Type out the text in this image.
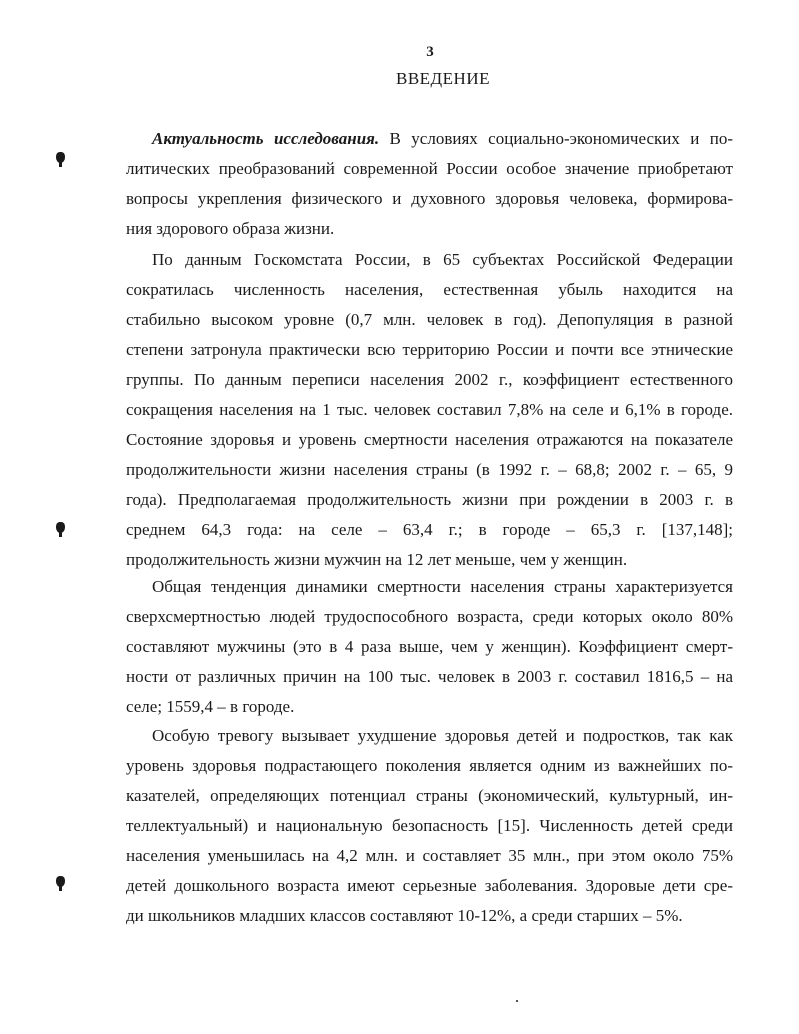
3
ВВЕДЕНИЕ
Актуальность исследования. В условиях социально-экономических и по-
литических преобразований современной России особое значение приобретают
вопросы укрепления физического и духовного здоровья человека, формирова-
ния здорового образа жизни.
По данным Госкомстата России, в 65 субъектах Российской Федерации
сократилась численность населения, естественная убыль находится на
стабильно высоком уровне (0,7 млн. человек в год). Депопуляция в разной
степени затронула практически всю территорию России и почти все этнические
группы. По данным переписи населения 2002 г., коэффициент естественного
сокращения населения на 1 тыс. человек составил 7,8% на селе и 6,1% в городе.
Состояние здоровья и уровень смертности населения отражаются на показателе
продолжительности жизни населения страны (в 1992 г. – 68,8; 2002 г. – 65, 9
года). Предполагаемая продолжительность жизни при рождении в 2003 г. в
среднем 64,3 года: на селе – 63,4 г.; в городе – 65,3 г. [137,148];
продолжительность жизни мужчин на 12 лет меньше, чем у женщин.
Общая тенденция динамики смертности населения страны характеризуется
сверхсмертностью людей трудоспособного возраста, среди которых около 80%
составляют мужчины (это в 4 раза выше, чем у женщин). Коэффициент смерт-
ности от различных причин на 100 тыс. человек в 2003 г. составил 1816,5 – на
селе; 1559,4 – в городе.
Особую тревогу вызывает ухудшение здоровья детей и подростков, так как
уровень здоровья подрастающего поколения является одним из важнейших по-
казателей, определяющих потенциал страны (экономический, культурный, ин-
теллектуальный) и национальную безопасность [15]. Численность детей среди
населения уменьшилась на 4,2 млн. и составляет 35 млн., при этом около 75%
детей дошкольного возраста имеют серьезные заболевания. Здоровые дети сре-
ди школьников младших классов составляют 10-12%, а среди старших – 5%.
